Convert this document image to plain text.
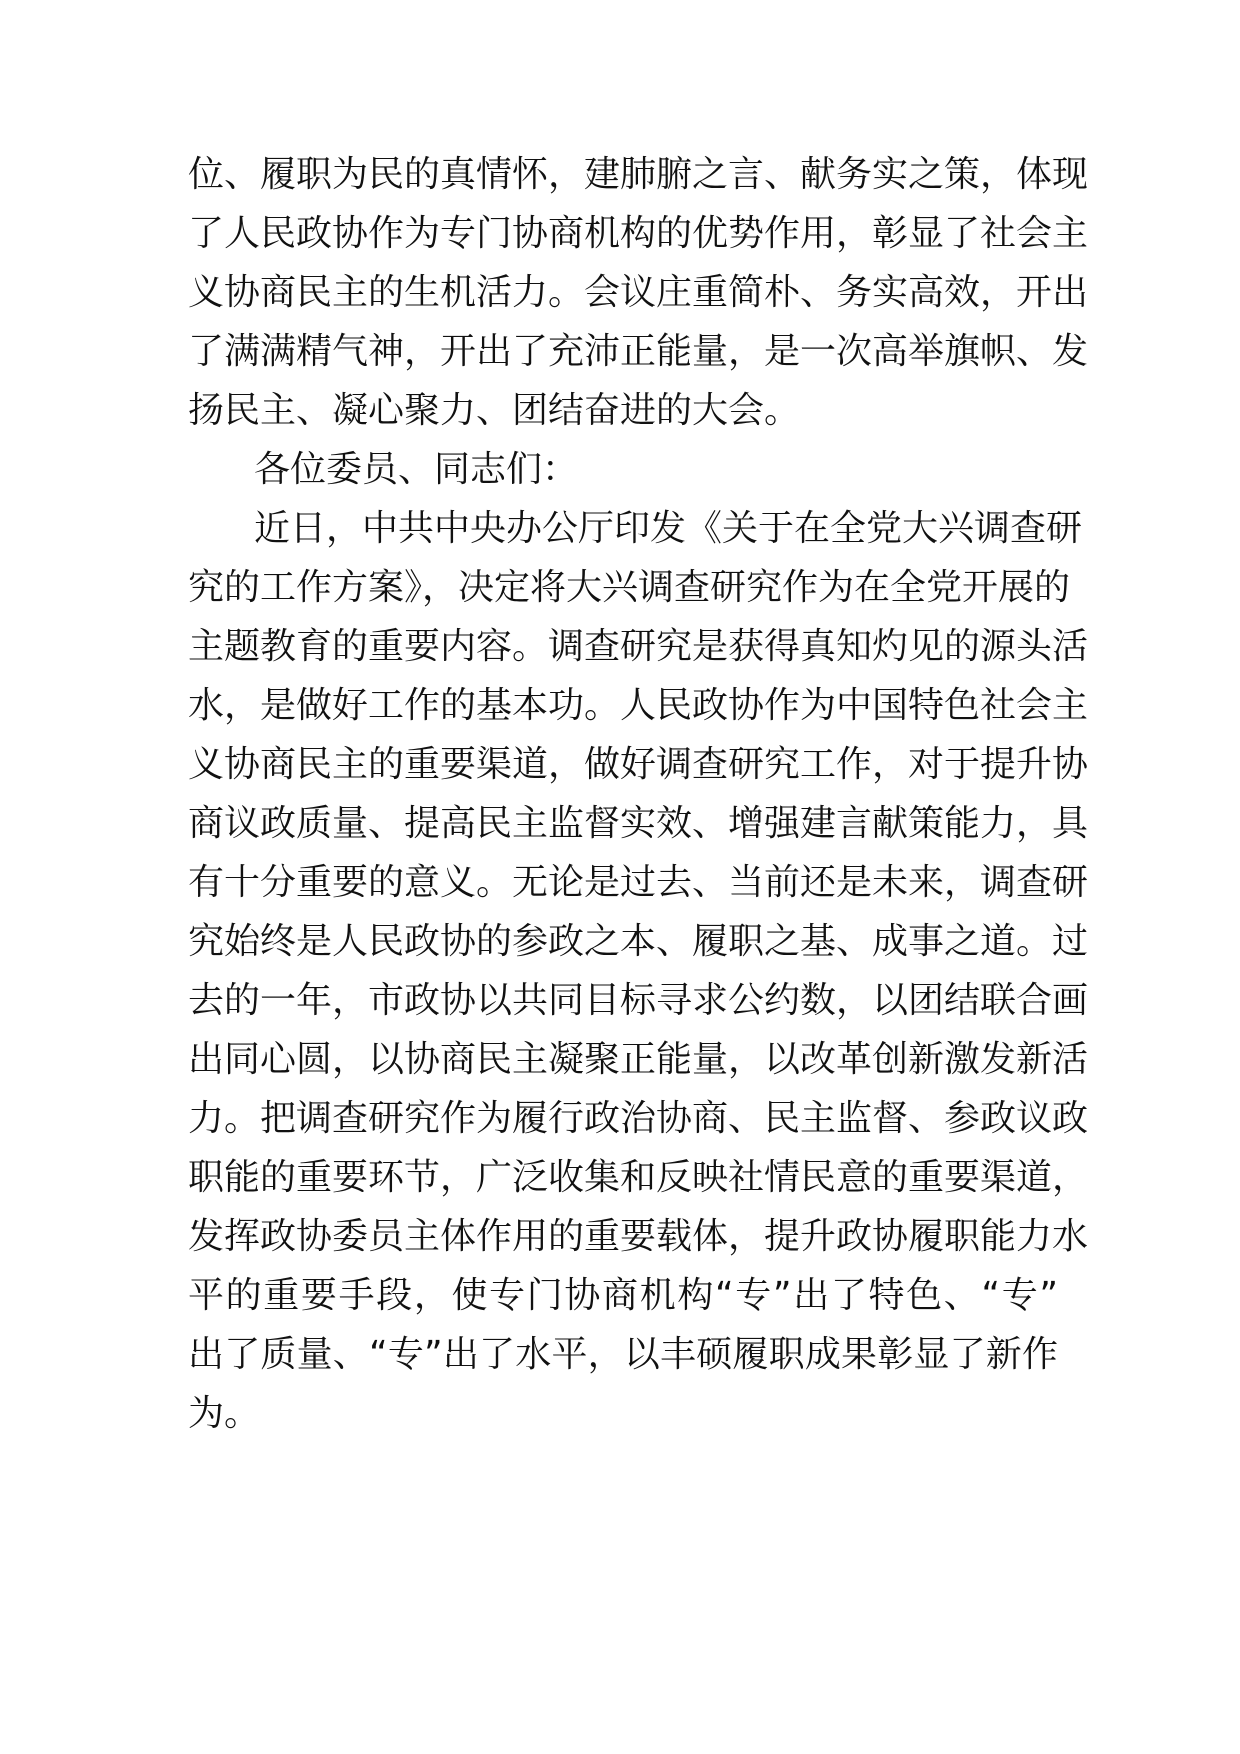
位、履职为民的真情怀，建肺腑之言、献务实之策，体现

了人民政协作为专门协商机构的优势作用，彰显了社会主

义协商民主的生机活力。会议庄重简朴、务实高效，开出

了满满精气神，开出了充沛正能量，是一次高举旗帜、发

扬民主、凝心聚力、团结奋进的大会。

各位委员、同志们：

近日，中共中央办公厅印发《关于在全党大兴调查研

究的工作方案》，决定将大兴调查研究作为在全党开展的

主题教育的重要内容。调查研究是获得真知灼见的源头活

水，是做好工作的基本功。人民政协作为中国特色社会主

义协商民主的重要渠道，做好调查研究工作，对于提升协

商议政质量、提高民主监督实效、增强建言献策能力，具

有十分重要的意义。无论是过去、当前还是未来，调查研

究始终是人民政协的参政之本、履职之基、成事之道。过

去的一年，市政协以共同目标寻求公约数，以团结联合画

出同心圆，以协商民主凝聚正能量，以改革创新激发新活

力。把调查研究作为履行政治协商、民主监督、参政议政

职能的重要环节，广泛收集和反映社情民意的重要渠道，

发挥政协委员主体作用的重要载体，提升政协履职能力水

平的重要手段，使专门协商机构“专”出了特色、“专”

出了质量、“专”出了水平，以丰硕履职成果彰显了新作

为。
